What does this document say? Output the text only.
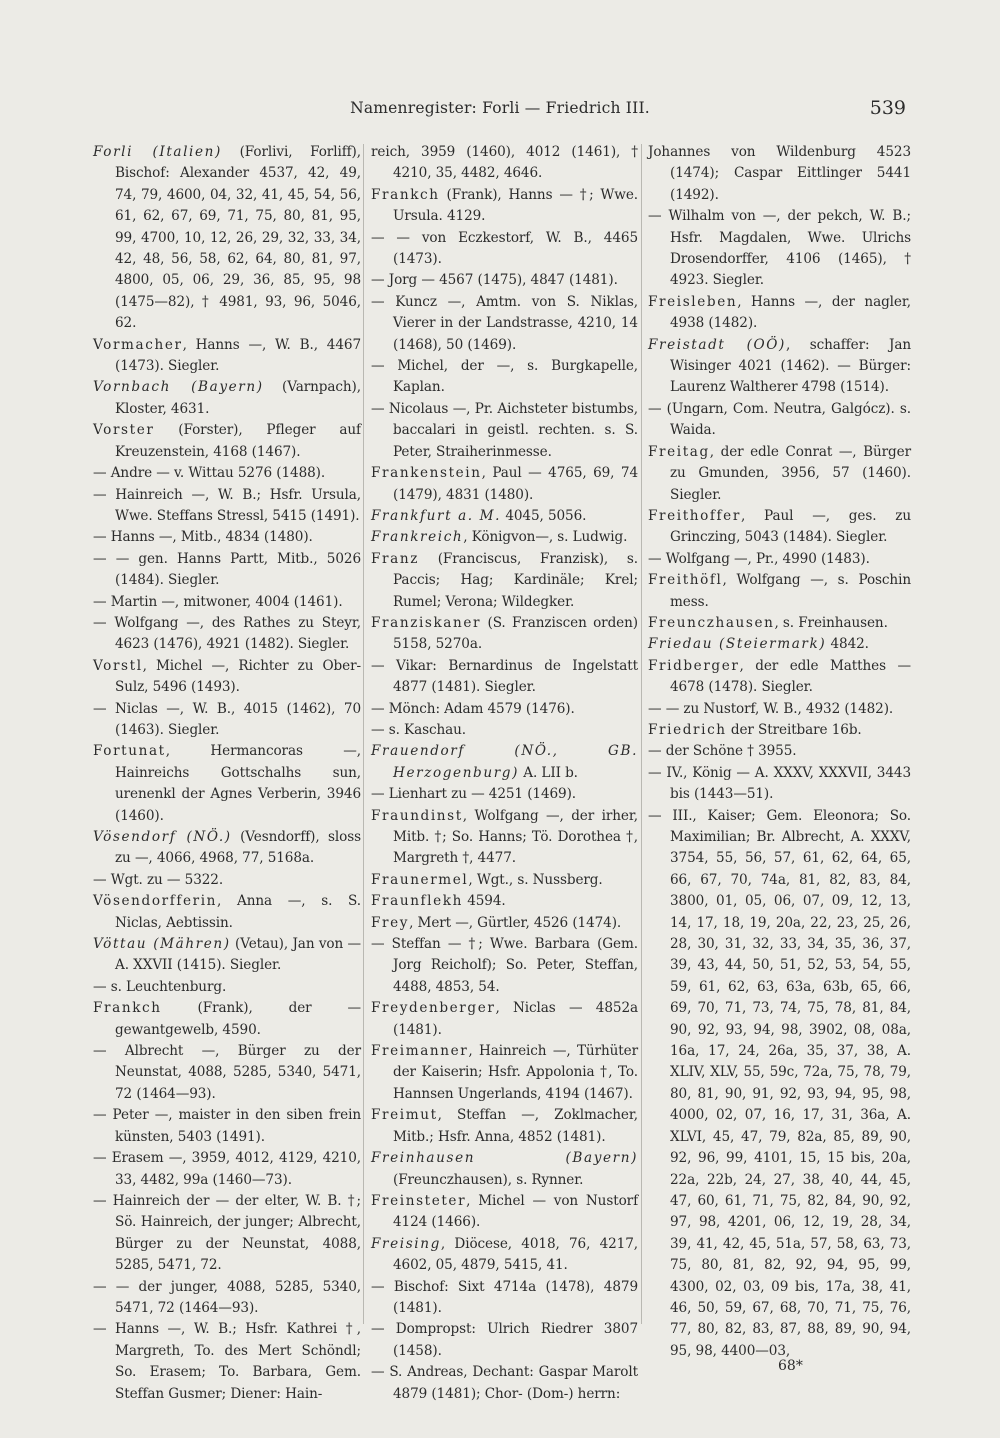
Namenregister: Forli — Friedrich III.	539

Forli (Italien) (Forlivi, Forliff), Bischof: Alexander 4537, 42, 49, 74, 79, 4600, 04, 32, 41, 45, 54, 56, 61, 62, 67, 69, 71, 75, 80, 81, 95, 99, 4700, 10, 12, 26, 29, 32, 33, 34, 42, 48, 56, 58, 62, 64, 80, 81, 97, 4800, 05, 06, 29, 36, 85, 95, 98 (1475—82), † 4981, 93, 96, 5046, 62.

Vormacher, Hanns —, W. B., 4467 (1473). Siegler.

Vornbach (Bayern) (Varnpach), Kloster, 4631.

Vorster (Forster), Pfleger auf Kreuzenstein, 4168 (1467).

— Andre — v. Wittau 5276 (1488).

— Hainreich —, W. B.; Hsfr. Ursula, Wwe. Steffans Stressl, 5415 (1491).

— Hanns —, Mitb., 4834 (1480).

— — gen. Hanns Partt, Mitb., 5026 (1484). Siegler.

— Martin —, mitwoner, 4004 (1461).

— Wolfgang —, des Rathes zu Steyr, 4623 (1476), 4921 (1482). Siegler.

Vorstl, Michel —, Richter zu Ober-Sulz, 5496 (1493).

— Niclas —, W. B., 4015 (1462), 70 (1463). Siegler.

Fortunat, Hermancoras —, Hainreichs Gottschalhs sun, urenenkl der Agnes Verberin, 3946 (1460).

Vösendorf (NÖ.) (Vesndorff), sloss zu —, 4066, 4968, 77, 5168a.

— Wgt. zu — 5322.

Vösendorfferin, Anna —, s. S. Niclas, Aebtissin.

Vöttau (Mähren) (Vetau), Jan von — A. XXVII (1415). Siegler.

— s. Leuchtenburg.

Frankch (Frank), der — gewantgewelb, 4590.

— Albrecht —, Bürger zu der Neunstat, 4088, 5285, 5340, 5471, 72 (1464—93).

— Peter —, maister in den siben frein künsten, 5403 (1491).

— Erasem —, 3959, 4012, 4129, 4210, 33, 4482, 99a (1460—73).

— Hainreich der — der elter, W. B. †; Sö. Hainreich, der junger; Albrecht, Bürger zu der Neunstat, 4088, 5285, 5471, 72.

— — der junger, 4088, 5285, 5340, 5471, 72 (1464—93).

— Hanns —, W. B.; Hsfr. Kathrei †, Margreth, To. des Mert Schöndl; So. Erasem; To. Barbara, Gem. Steffan Gusmer; Diener: Hain-

reich, 3959 (1460), 4012 (1461), † 4210, 35, 4482, 4646.

Frankch (Frank), Hanns — †; Wwe. Ursula. 4129.

— — von Eczkestorf, W. B., 4465 (1473).

— Jorg — 4567 (1475), 4847 (1481).

— Kuncz —, Amtm. von S. Niklas, Vierer in der Landstrasse, 4210, 14 (1468), 50 (1469).

— Michel, der —, s. Burgkapelle, Kaplan.

— Nicolaus —, Pr. Aichsteter bistumbs, baccalari in geistl. rechten. s. S. Peter, Straiherinmesse.

Frankenstein, Paul — 4765, 69, 74 (1479), 4831 (1480).

Frankfurt a. M. 4045, 5056.

Frankreich, Königvon—, s. Ludwig.

Franz (Franciscus, Franzisk), s. Paccis; Hag; Kardinäle; Krel; Rumel; Verona; Wildegker.

Franziskaner (S. Franziscen orden) 5158, 5270a.

— Vikar: Bernardinus de Ingelstatt 4877 (1481). Siegler.

— Mönch: Adam 4579 (1476).

— s. Kaschau.

Frauendorf (NÖ., GB. Herzogenburg) A. LII b.

— Lienhart zu — 4251 (1469).

Fraundinst, Wolfgang —, der irher, Mitb. †; So. Hanns; Tö. Dorothea †, Margreth †, 4477.

Fraunermel, Wgt., s. Nussberg.

Fraunflekh 4594.

Frey, Mert —, Gürtler, 4526 (1474).

— Steffan — †; Wwe. Barbara (Gem. Jorg Reicholf); So. Peter, Steffan, 4488, 4853, 54.

Freydenberger, Niclas — 4852a (1481).

Freimanner, Hainreich —, Türhüter der Kaiserin; Hsfr. Appolonia †, To. Hannsen Ungerlands, 4194 (1467).

Freimut, Steffan —, Zoklmacher, Mitb.; Hsfr. Anna, 4852 (1481).

Freinhausen (Bayern) (Freunczhausen), s. Rynner.

Freinsteter, Michel — von Nustorf 4124 (1466).

Freising, Diöcese, 4018, 76, 4217, 4602, 05, 4879, 5415, 41.

— Bischof: Sixt 4714a (1478), 4879 (1481).

— Dompropst: Ulrich Riedrer 3807 (1458).

— S. Andreas, Dechant: Gaspar Marolt 4879 (1481); Chor- (Dom-) herrn:

Johannes von Wildenburg 4523 (1474); Caspar Eittlinger 5441 (1492).

— Wilhalm von —, der pekch, W. B.; Hsfr. Magdalen, Wwe. Ulrichs Drosendorffer, 4106 (1465), † 4923. Siegler.

Freisleben, Hanns —, der nagler, 4938 (1482).

Freistadt (OÖ), schaffer: Jan Wisinger 4021 (1462). — Bürger: Laurenz Waltherer 4798 (1514).

— (Ungarn, Com. Neutra, Galgócz). s. Waida.

Freitag, der edle Conrat —, Bürger zu Gmunden, 3956, 57 (1460). Siegler.

Freithoffer, Paul —, ges. zu Grinczing, 5043 (1484). Siegler.

— Wolfgang —, Pr., 4990 (1483).

Freithöfl, Wolfgang —, s. Poschin mess.

Freunczhausen, s. Freinhausen.

Friedau (Steiermark) 4842.

Fridberger, der edle Matthes — 4678 (1478). Siegler.

— — zu Nustorf, W. B., 4932 (1482).

Friedrich der Streitbare 16b.

— der Schöne † 3955.

— IV., König — A. XXXV, XXXVII, 3443 bis (1443—51).

— III., Kaiser; Gem. Eleonora; So. Maximilian; Br. Albrecht, A. XXXV, 3754, 55, 56, 57, 61, 62, 64, 65, 66, 67, 70, 74a, 81, 82, 83, 84, 3800, 01, 05, 06, 07, 09, 12, 13, 14, 17, 18, 19, 20a, 22, 23, 25, 26, 28, 30, 31, 32, 33, 34, 35, 36, 37, 39, 43, 44, 50, 51, 52, 53, 54, 55, 59, 61, 62, 63, 63a, 63b, 65, 66, 69, 70, 71, 73, 74, 75, 78, 81, 84, 90, 92, 93, 94, 98, 3902, 08, 08a, 16a, 17, 24, 26a, 35, 37, 38, A. XLIV, XLV, 55, 59c, 72a, 75, 78, 79, 80, 81, 90, 91, 92, 93, 94, 95, 98, 4000, 02, 07, 16, 17, 31, 36a, A. XLVI, 45, 47, 79, 82a, 85, 89, 90, 92, 96, 99, 4101, 15, 15 bis, 20a, 22a, 22b, 24, 27, 38, 40, 44, 45, 47, 60, 61, 71, 75, 82, 84, 90, 92, 97, 98, 4201, 06, 12, 19, 28, 34, 39, 41, 42, 45, 51a, 57, 58, 63, 73, 75, 80, 81, 82, 92, 94, 95, 99, 4300, 02, 03, 09 bis, 17a, 38, 41, 46, 50, 59, 67, 68, 70, 71, 75, 76, 77, 80, 82, 83, 87, 88, 89, 90, 94, 95, 98, 4400—03,

68*
